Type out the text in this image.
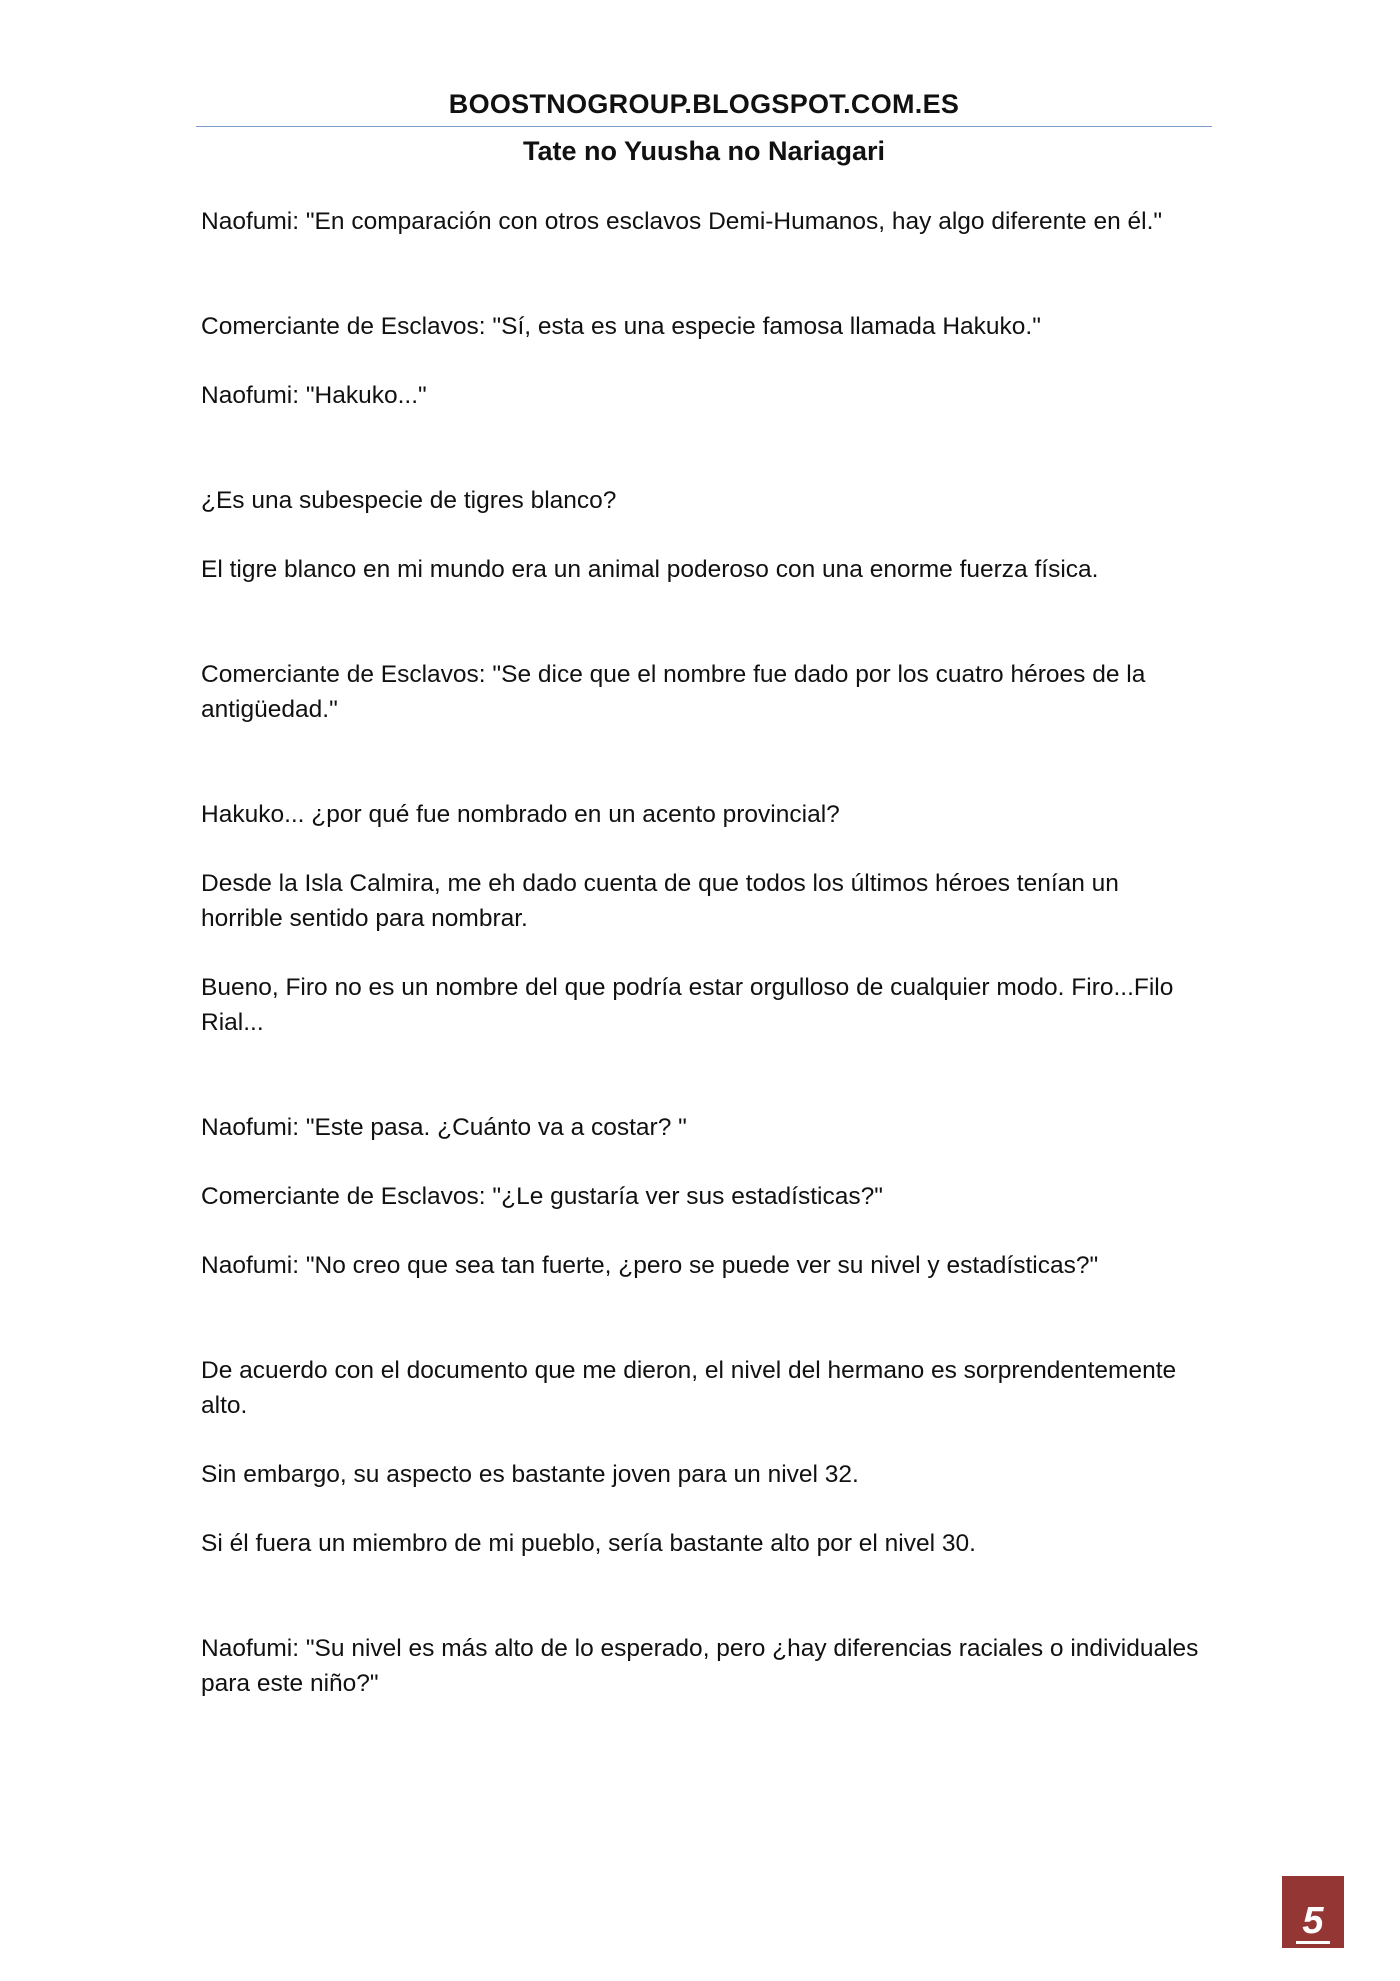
BOOSTNOGROUP.BLOGSPOT.COM.ES
Tate no Yuusha no Nariagari

Naofumi: "En comparación con otros esclavos Demi-Humanos, hay algo diferente en él."

Comerciante de Esclavos: "Sí, esta es una especie famosa llamada Hakuko."

Naofumi: "Hakuko..."

¿Es una subespecie de tigres blanco?

El tigre blanco en mi mundo era un animal poderoso con una enorme fuerza física.

Comerciante de Esclavos: "Se dice que el nombre fue dado por los cuatro héroes de la antigüedad."

Hakuko... ¿por qué fue nombrado en un acento provincial?

Desde la Isla Calmira, me eh dado cuenta de que todos los últimos héroes tenían un horrible sentido para nombrar.

Bueno, Firo no es un nombre del que podría estar orgulloso de cualquier modo. Firo...Filo Rial...

Naofumi: "Este pasa. ¿Cuánto va a costar? "

Comerciante de Esclavos: "¿Le gustaría ver sus estadísticas?"

Naofumi: "No creo que sea tan fuerte, ¿pero se puede ver su nivel y estadísticas?"

De acuerdo con el documento que me dieron, el nivel del hermano es sorprendentemente alto.

Sin embargo, su aspecto es bastante joven para un nivel 32.

Si él fuera un miembro de mi pueblo, sería bastante alto por el nivel 30.

Naofumi: "Su nivel es más alto de lo esperado, pero ¿hay diferencias raciales o individuales para este niño?"

5
